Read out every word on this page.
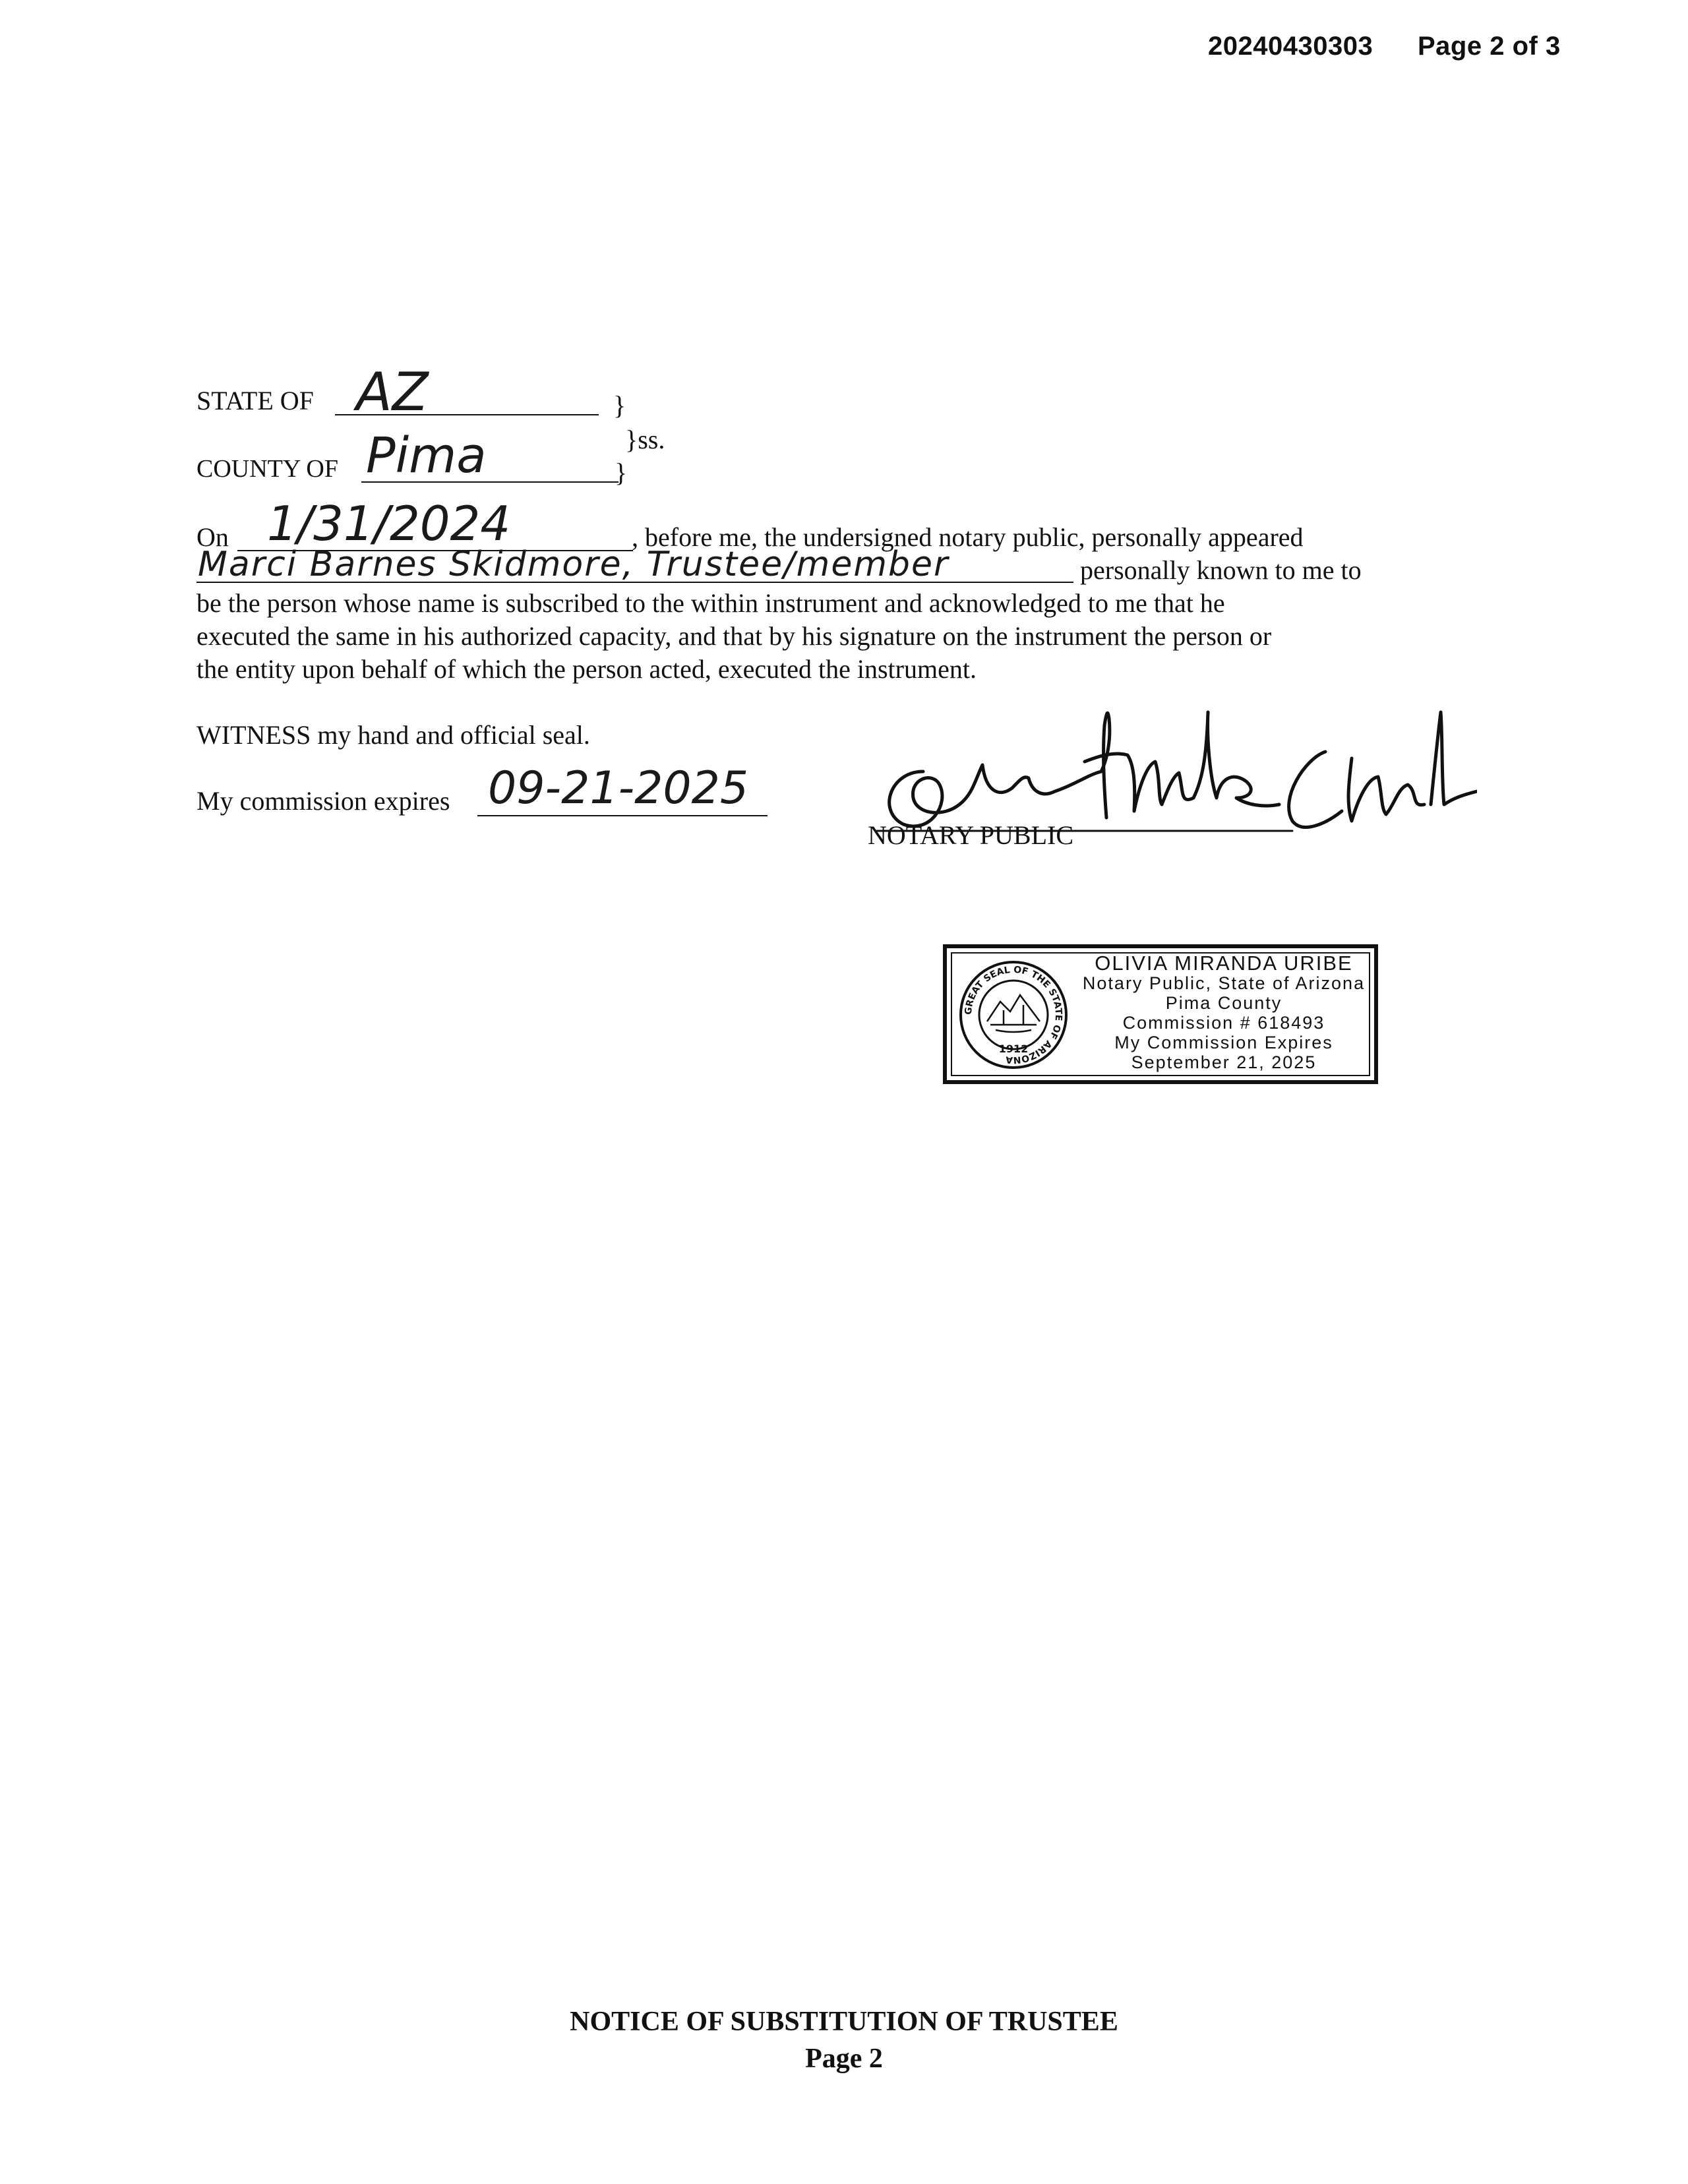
20240430303 Page 2 of 3
STATE OF AZ	}
}ss.
COUNTY OF Pima	}
On 1/31/2024	, before me, the undersigned notary public, personally appeared
Marci Barnes Skidmore, Trustee/member	personally known to me to
be the person whose name is subscribed to the within instrument and acknowledged to me that he
executed the same in his authorized capacity, and that by his signature on the instrument the person or
the entity upon behalf of which the person acted, executed the instrument.
WITNESS my hand and official seal.
My commission expires 09-21-2025
NOTARY PUBLIC
GREAT SEAL OF THE STATE OF ARIZONA
1912
OLIVIA MIRANDA URIBE
Notary Public, State of Arizona
Pima County
Commission # 618493
My Commission Expires
September 21, 2025
NOTICE OF SUBSTITUTION OF TRUSTEE
Page 2
